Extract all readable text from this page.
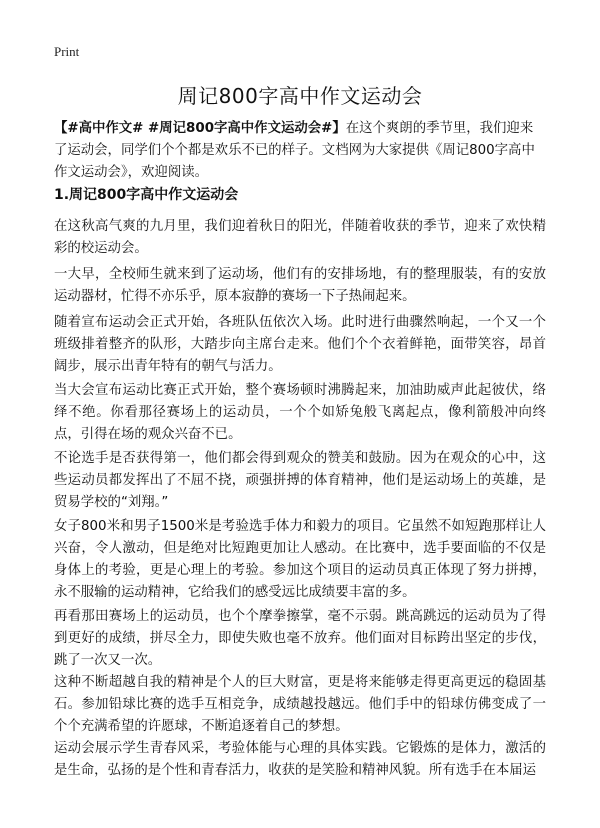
Print
周记800字高中作文运动会

【#高中作文# #周记800字高中作文运动会#】在这个爽朗的季节里，我们迎来了运动会，同学们个个都是欢乐不已的样子。文档网为大家提供《周记800字高中作文运动会》，欢迎阅读。

1.周记800字高中作文运动会

在这秋高气爽的九月里，我们迎着秋日的阳光，伴随着收获的季节，迎来了欢快精彩的校运动会。

一大早，全校师生就来到了运动场，他们有的安排场地，有的整理服装，有的安放运动器材，忙得不亦乐乎，原本寂静的赛场一下子热闹起来。

随着宣布运动会正式开始，各班队伍依次入场。此时进行曲骤然响起，一个又一个班级排着整齐的队形，大踏步向主席台走来。他们个个衣着鲜艳，面带笑容，昂首阔步，展示出青年特有的朝气与活力。

当大会宣布运动比赛正式开始，整个赛场顿时沸腾起来，加油助威声此起彼伏，络绎不绝。你看那径赛场上的运动员，一个个如矫兔般飞离起点，像利箭般冲向终点，引得在场的观众兴奋不已。

不论选手是否获得第一，他们都会得到观众的赞美和鼓励。因为在观众的心中，这些运动员都发挥出了不屈不挠，顽强拼搏的体育精神，他们是运动场上的英雄，是贸易学校的“刘翔。”

女子800米和男子1500米是考验选手体力和毅力的项目。它虽然不如短跑那样让人兴奋，令人激动，但是绝对比短跑更加让人感动。在比赛中，选手要面临的不仅是身体上的考验，更是心理上的考验。参加这个项目的运动员真正体现了努力拼搏，永不服输的运动精神，它给我们的感受远比成绩要丰富的多。

再看那田赛场上的运动员，也个个摩拳擦掌，毫不示弱。跳高跳远的运动员为了得到更好的成绩，拼尽全力，即使失败也毫不放弃。他们面对目标跨出坚定的步伐，跳了一次又一次。

这种不断超越自我的精神是个人的巨大财富，更是将来能够走得更高更远的稳固基石。参加铅球比赛的选手互相竞争，成绩越投越远。他们手中的铅球仿佛变成了一个个充满希望的许愿球，不断追逐着自己的梦想。

运动会展示学生青春风采，考验体能与心理的具体实践。它锻炼的是体力，激活的是生命，弘扬的是个性和青春活力，收获的是笑脸和精神风貌。所有选手在本届运
